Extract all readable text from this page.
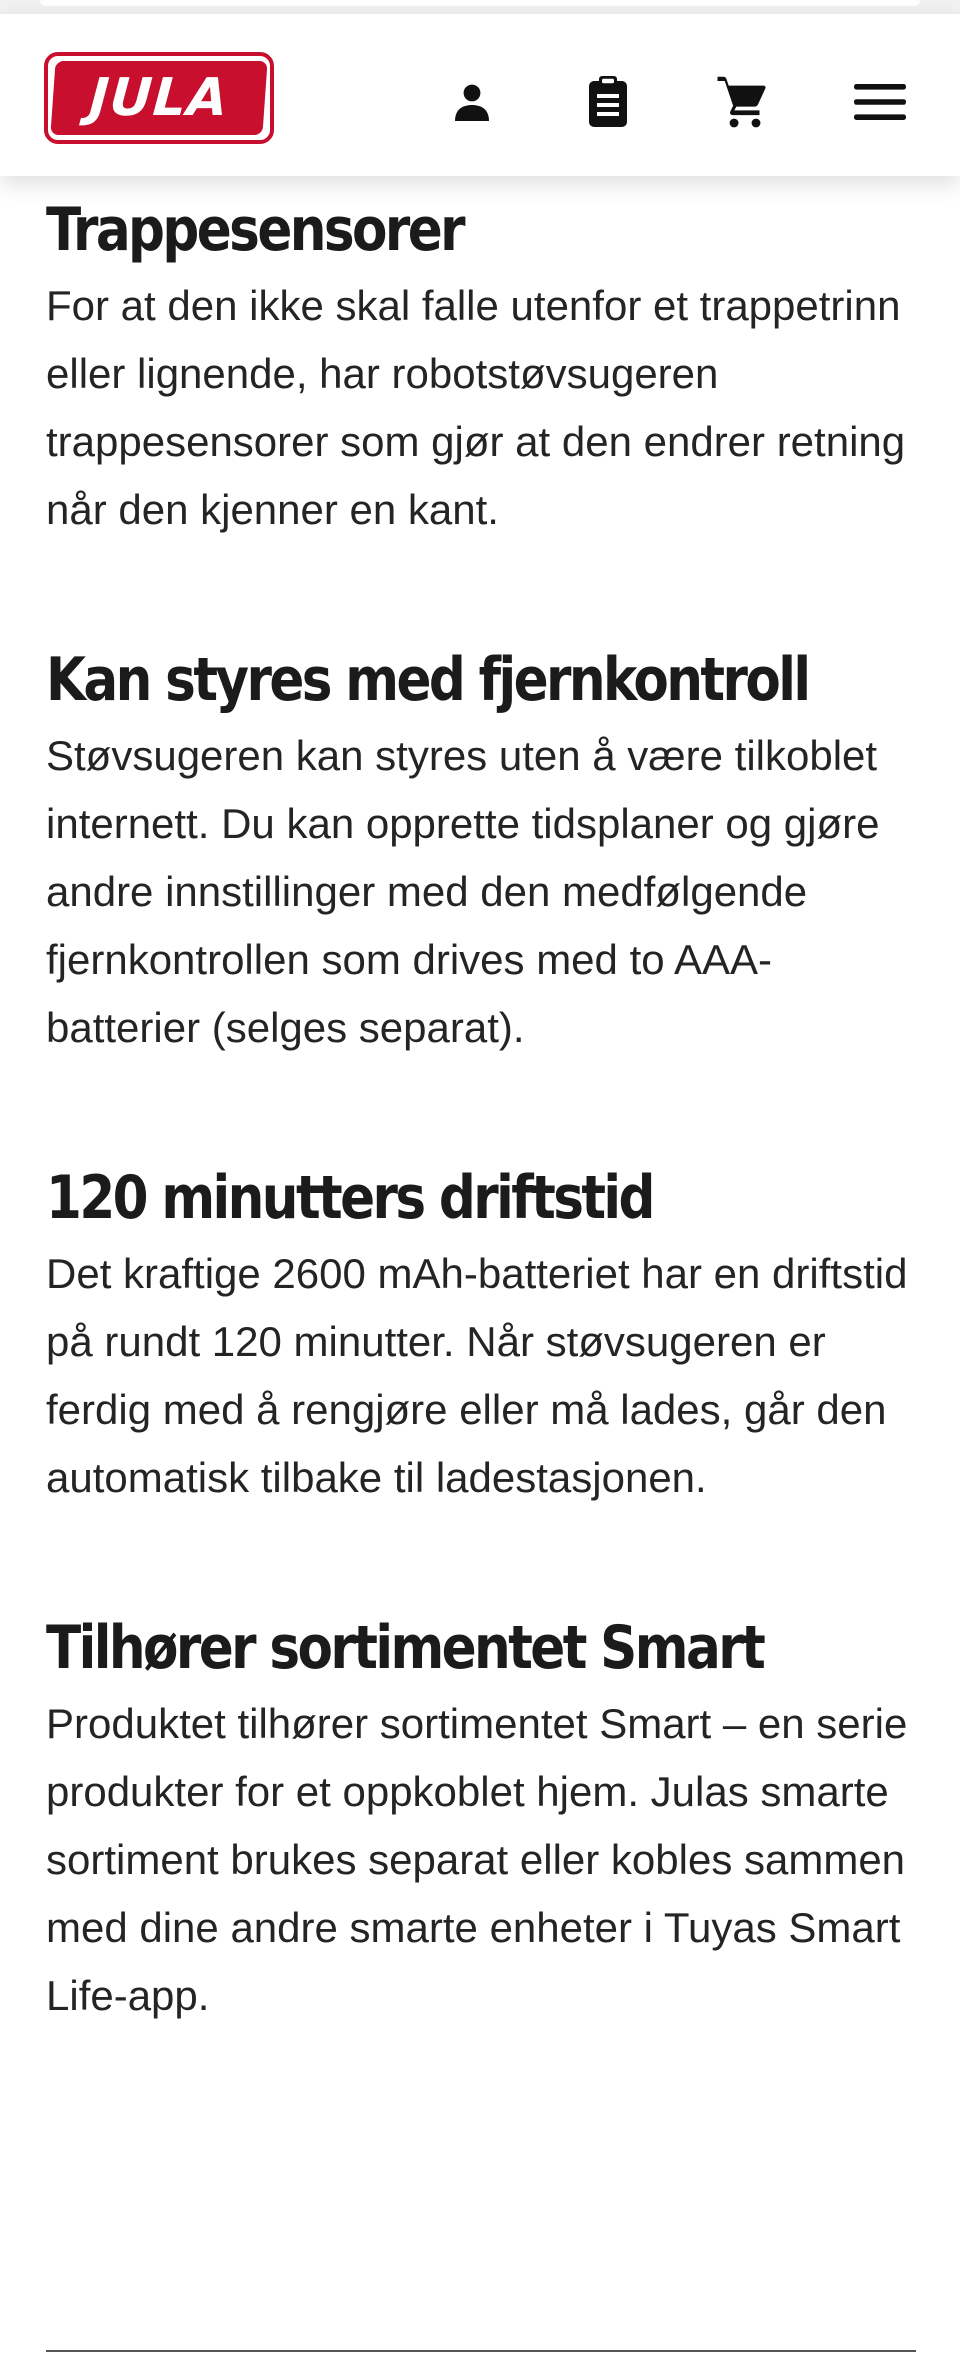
JULA
®
Trappesensorer

For at den ikke skal falle utenfor et trappetrinn eller lignende, har robotstøvsugeren trappesensorer som gjør at den endrer retning når den kjenner en kant.

Kan styres med fjernkontroll

Støvsugeren kan styres uten å være tilkoblet internett. Du kan opprette tidsplaner og gjøre andre innstillinger med den medfølgende fjernkontrollen som drives med to AAA-batterier (selges separat).

120 minutters driftstid

Det kraftige 2600 mAh-batteriet har en driftstid på rundt 120 minutter. Når støvsugeren er ferdig med å rengjøre eller må lades, går den automatisk tilbake til ladestasjonen.

Tilhører sortimentet Smart

Produktet tilhører sortimentet Smart – en serie produkter for et oppkoblet hjem. Julas smarte sortiment brukes separat eller kobles sammen med dine andre smarte enheter i Tuyas Smart Life-app.
